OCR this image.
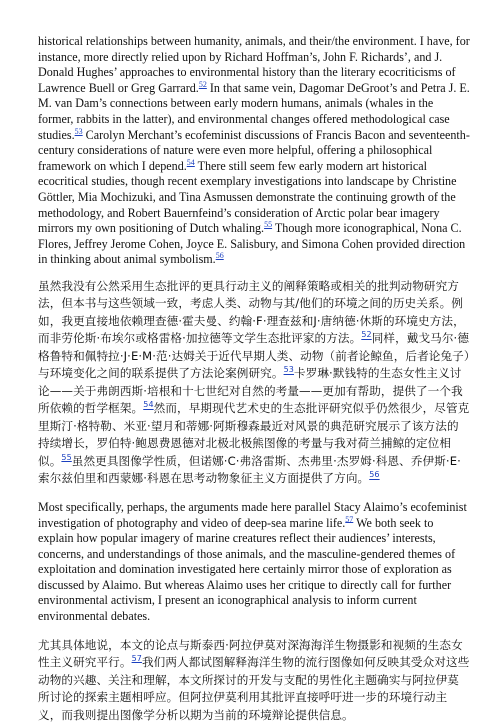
historical relationships between humanity, animals, and their/the environment. I have, for instance, more directly relied upon by Richard Hoffman’s, John F. Richards’, and J. Donald Hughes’ approaches to environmental history than the literary ecocriticisms of Lawrence Buell or Greg Garrard.$^{52}$ In that same vein, Dagomar DeGroot’s and Petra J. E. M. van Dam’s connections between early modern humans, animals (whales in the former, rabbits in the latter), and environmental changes offered methodological case studies.$^{53}$ Carolyn Merchant’s ecofeminist discussions of Francis Bacon and seventeenth-century considerations of nature were even more helpful, offering a philosophical framework on which I depend.$^{54}$ There still seem few early modern art historical ecocritical studies, though recent exemplary investigations into landscape by Christine Göttler, Mia Mochizuki, and Tina Asmussen demonstrate the continuing growth of the methodology, and Robert Bauernfeind’s consideration of Arctic polar bear imagery mirrors my own positioning of Dutch whaling.$^{55}$ Though more iconographical, Nona C. Flores, Jeffrey Jerome Cohen, Joyce E. Salisbury, and Simona Cohen provided direction in thinking about animal symbolism.$^{56}$

虽然我没有公然采用生态批评的更具行动主义的阐释策略或相关的批判动物研究方法，但本书与这些领域一致，考虑人类、动物与其/他们的环境之间的历史关系。例如，我更直接地依赖理查德·霍夫曼、约翰·F·理查兹和J·唐纳德·休斯的环境史方法，而非劳伦斯·布埃尔或格雷格·加拉德等文学生态批评家的方法。$^{52}$同样，戴戈马尔·德格鲁特和佩特拉·J·E·M·范·达姆关于近代早期人类、动物（前者论鲸鱼，后者论兔子）与环境变化之间的联系提供了方法论案例研究。$^{53}$卡罗琳·默钱特的生态女性主义讨论——关于弗朗西斯·培根和十七世纪对自然的考量——更加有帮助，提供了一个我所依赖的哲学框架。$^{54}$然而，早期现代艺术史的生态批评研究似乎仍然很少，尽管克里斯汀·格特勒、米亚·望月和蒂娜·阿斯穆森最近对风景的典范研究展示了该方法的持续增长，罗伯特·鲍恩费恩德对北极北极熊图像的考量与我对荷兰捕鲸的定位相似。$^{55}$虽然更具图像学性质，但诺娜·C·弗洛雷斯、杰弗里·杰罗姆·科恩、乔伊斯·E·索尔兹伯里和西蒙娜·科恩在思考动物象征主义方面提供了方向。$^{56}$

Most specifically, perhaps, the arguments made here parallel Stacy Alaimo’s ecofeminist investigation of photography and video of deep-sea marine life.$^{57}$ We both seek to explain how popular imagery of marine creatures reflect their audiences’ interests, concerns, and understandings of those animals, and the masculine-gendered themes of exploitation and domination investigated here certainly mirror those of exploration as discussed by Alaimo. But whereas Alaimo uses her critique to directly call for further environmental activism, I present an iconographical analysis to inform current environmental debates.

尤其具体地说，本文的论点与斯泰西·阿拉伊莫对深海海洋生物摄影和视频的生态女性主义研究平行。$^{57}$我们两人都试图解释海洋生物的流行图像如何反映其受众对这些动物的兴趣、关注和理解，本文所探讨的开发与支配的男性化主题确实与阿拉伊莫所讨论的探索主题相呼应。但阿拉伊莫利用其批评直接呼吁进一步的环境行动主义，而我则提出图像学分析以期为当前的环境辩论提供信息。
